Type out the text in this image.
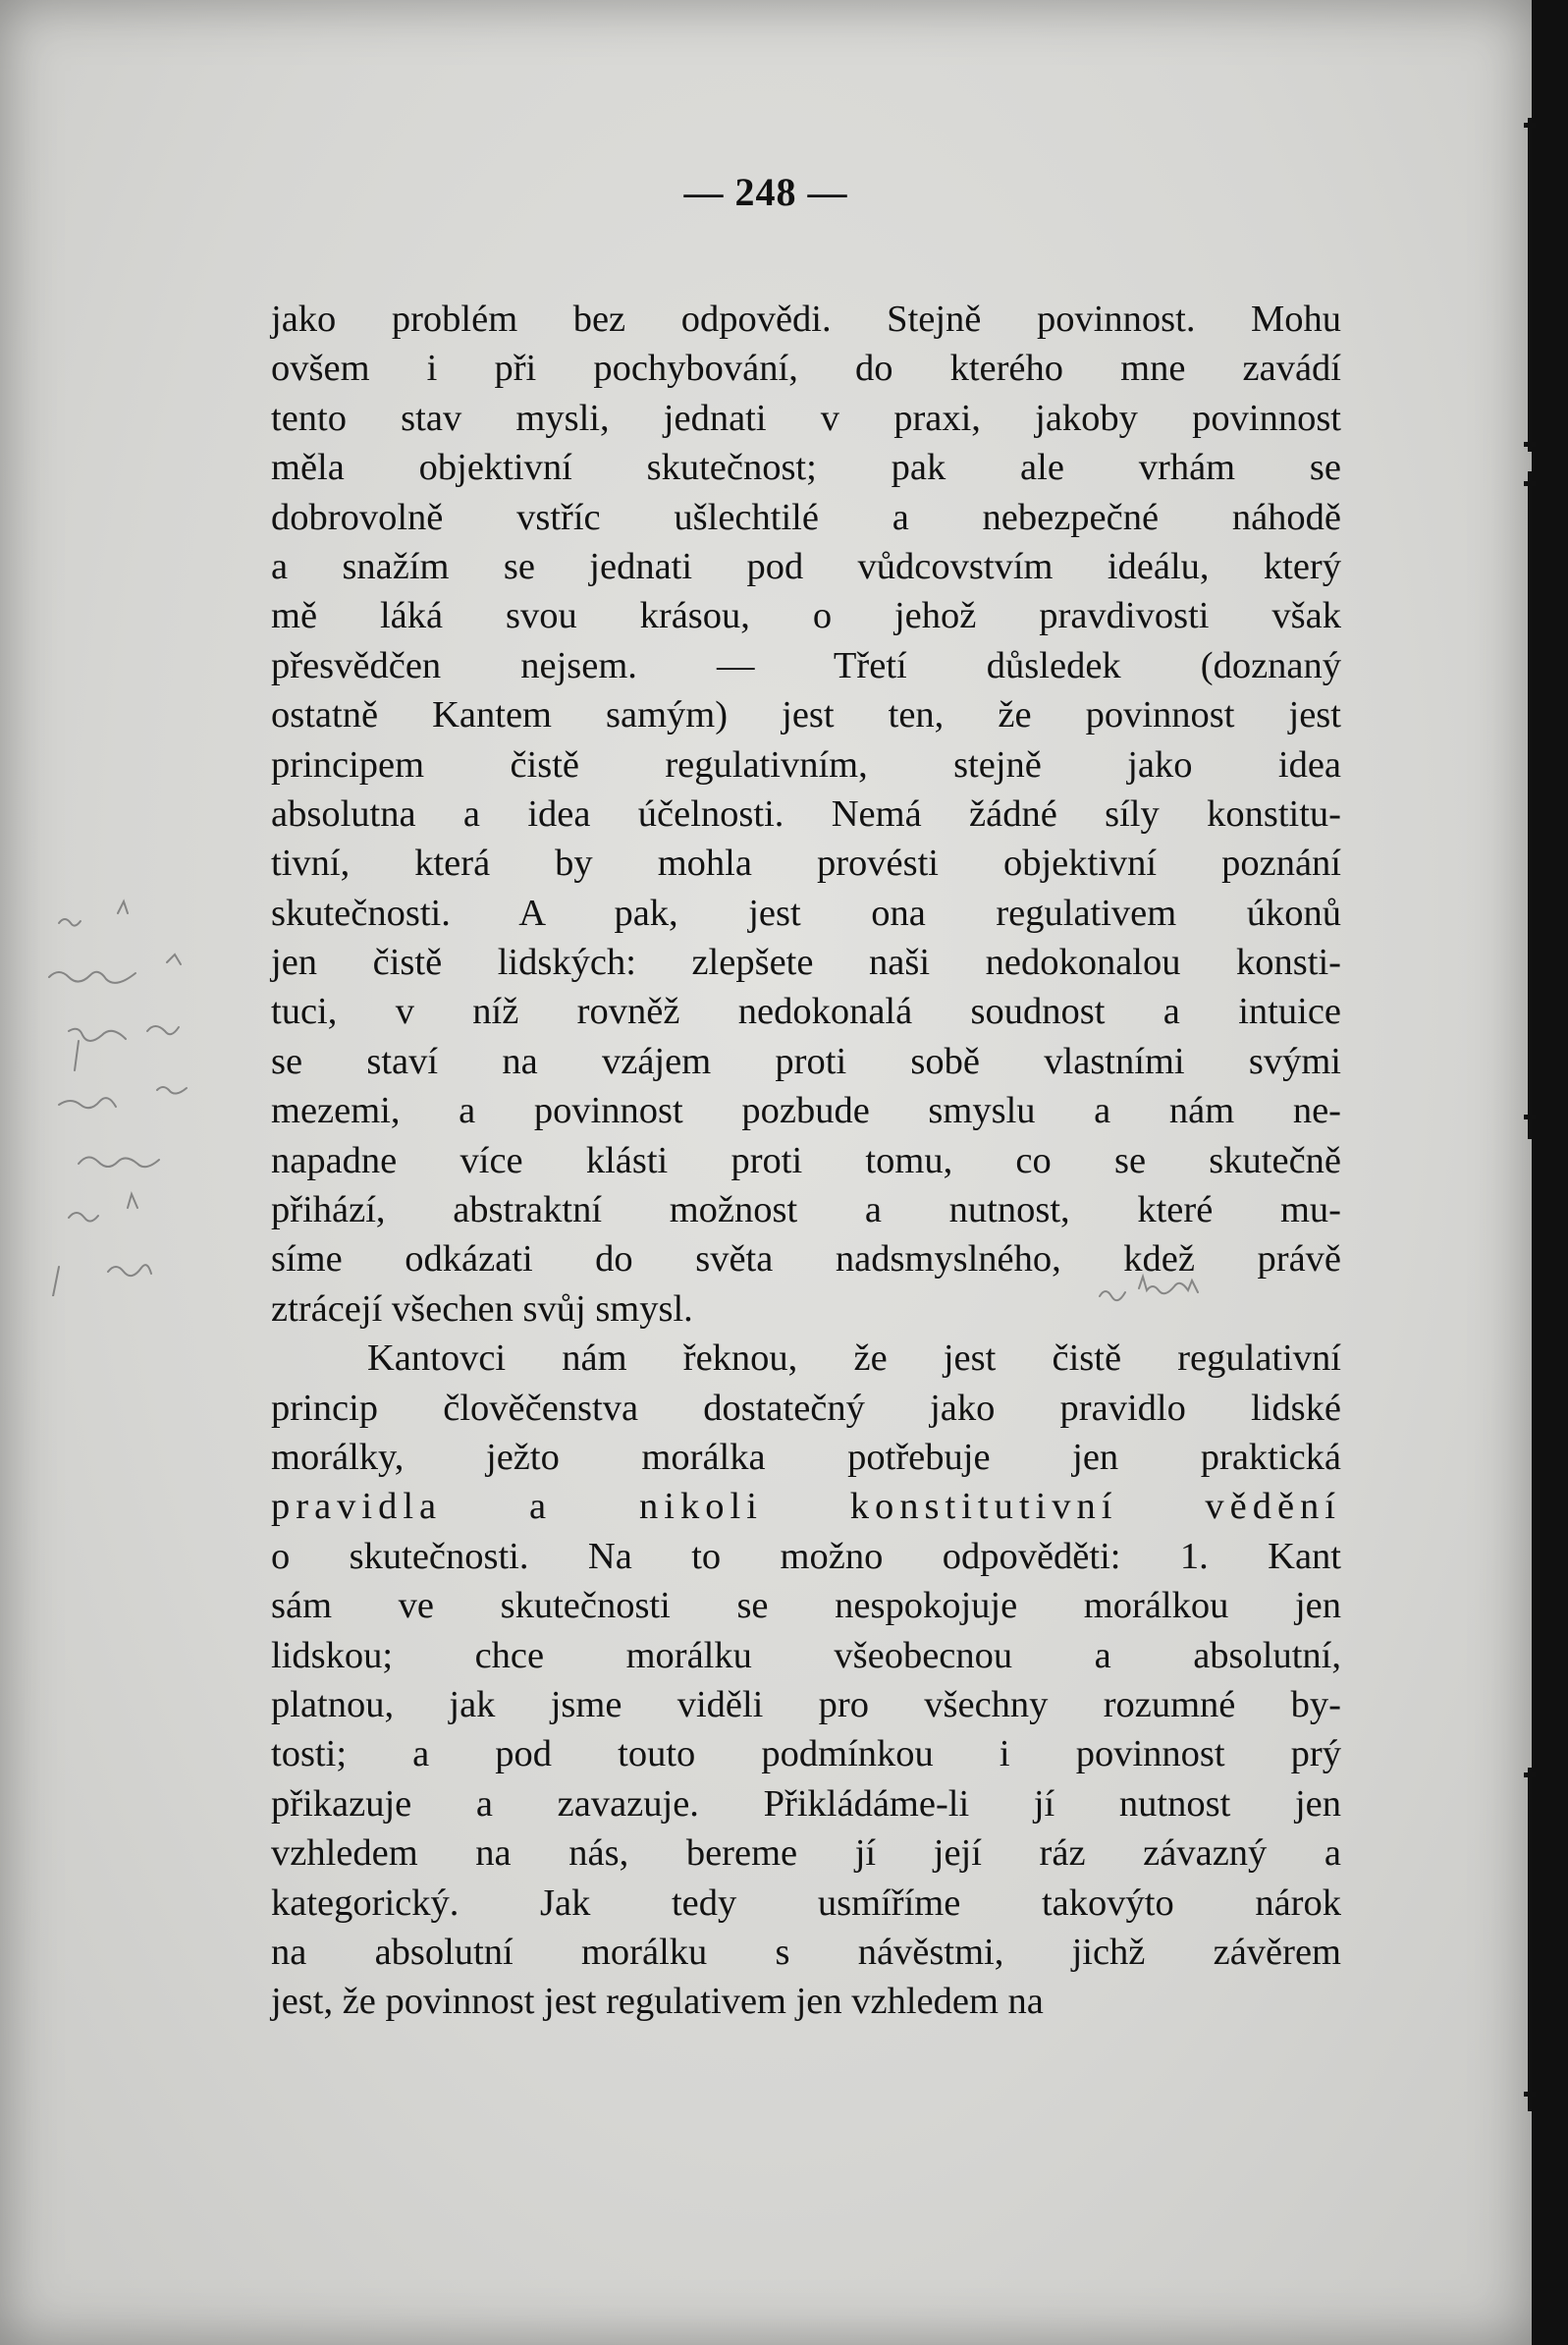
— 248 —
jako problém bez odpovědi. Stejně povinnost. Mohu
ovšem i při pochybování, do kterého mne zavádí
tento stav mysli, jednati v praxi, jakoby povinnost
měla objektivní skutečnost; pak ale vrhám se
dobrovolně vstříc ušlechtilé a nebezpečné náhodě
a snažím se jednati pod vůdcovstvím ideálu, který
mě láká svou krásou, o jehož pravdivosti však
přesvědčen nejsem. — Třetí důsledek (doznaný
ostatně Kantem samým) jest ten, že povinnost jest
principem čistě regulativním, stejně jako idea
absolutna a idea účelnosti. Nemá žádné síly konstitu-
tivní, která by mohla provésti objektivní poznání
skutečnosti. A pak, jest ona regulativem úkonů
jen čistě lidských: zlepšete naši nedokonalou konsti-
tuci, v níž rovněž nedokonalá soudnost a intuice
se staví na vzájem proti sobě vlastními svými
mezemi, a povinnost pozbude smyslu a nám ne-
napadne více klásti proti tomu, co se skutečně
přihází, abstraktní možnost a nutnost, které mu-
síme odkázati do světa nadsmyslného, kdež právě
ztrácejí všechen svůj smysl.
Kantovci nám řeknou, že jest čistě regulativní
princip člověčenstva dostatečný jako pravidlo lidské
morálky, ježto morálka potřebuje jen praktická
pravidla a nikoli konstitutivní vědění
o skutečnosti. Na to možno odpověděti: 1. Kant
sám ve skutečnosti se nespokojuje morálkou jen
lidskou; chce morálku všeobecnou a absolutní,
platnou, jak jsme viděli pro všechny rozumné by-
tosti; a pod touto podmínkou i povinnost prý
přikazuje a zavazuje. Přikládáme-li jí nutnost jen
vzhledem na nás, bereme jí její ráz závazný a
kategorický. Jak tedy usmíříme takovýto nárok
na absolutní morálku s návěstmi, jichž závěrem
jest, že povinnost jest regulativem jen vzhledem na
